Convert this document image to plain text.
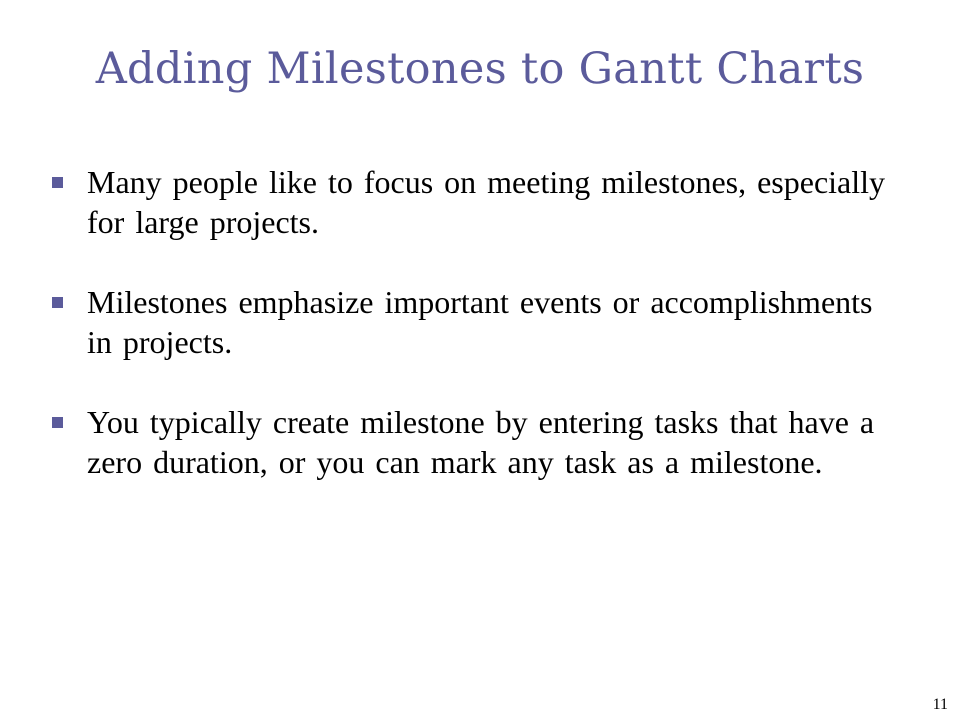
Adding Milestones to Gantt Charts
Many people like to focus on meeting milestones, especially for large projects.
Milestones emphasize important events or accomplishments in projects.
You typically create milestone by entering tasks that have a zero duration, or you can mark any task as a milestone.
11
